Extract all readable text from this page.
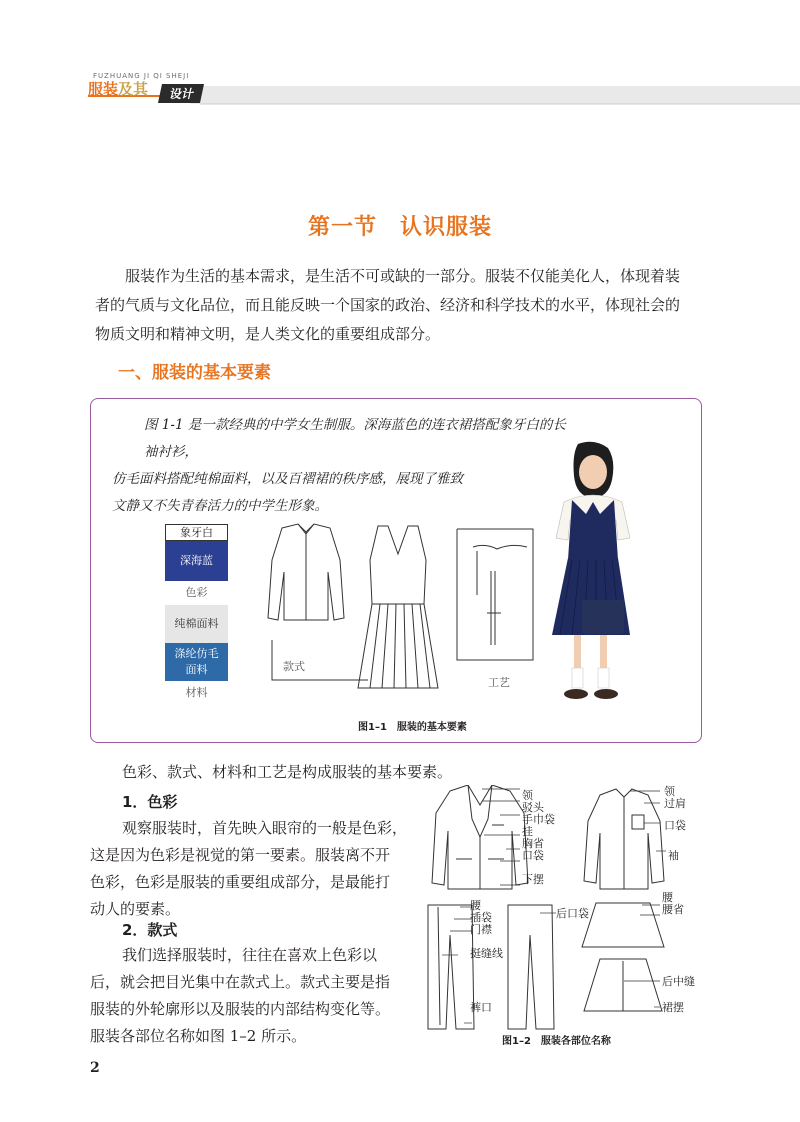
FUZHUANG JI QI SHEJI
服装及其	设计
第一节　认识服装
服装作为生活的基本需求，是生活不可或缺的一部分。服装不仅能美化人，体现着装
者的气质与文化品位，而且能反映一个国家的政治、经济和科学技术的水平，体现社会的
物质文明和精神文明，是人类文化的重要组成部分。
一、服装的基本要素
图 1-1 是一款经典的中学女生制服。深海蓝色的连衣裙搭配象牙白的长袖衬衫，
仿毛面料搭配纯棉面料，以及百褶裙的秩序感，展现了雅致
文静又不失青春活力的中学生形象。
象牙白
深海蓝
色彩
纯棉面料
涤纶仿毛
面料
材料
款式
工艺
图1–1　服装的基本要素
色彩、款式、材料和工艺是构成服装的基本要素。
1．色彩
观察服装时，首先映入眼帘的一般是色彩，
这是因为色彩是视觉的第一要素。服装离不开
色彩，色彩是服装的重要组成部分，是最能打
动人的要素。
2．款式
我们选择服装时，往往在喜欢上色彩以
后，就会把目光集中在款式上。款式主要是指
服装的外轮廓形以及服装的内部结构变化等。
服装各部位名称如图 1–2 所示。
领
驳头
手巾袋
挂
胸省
口袋
下摆
领
过肩
口袋
袖
腰
插袋
门襟
挺缝线
裤口
后口袋
腰
腰省
后中缝
裙摆
图1–2　服装各部位名称
2
